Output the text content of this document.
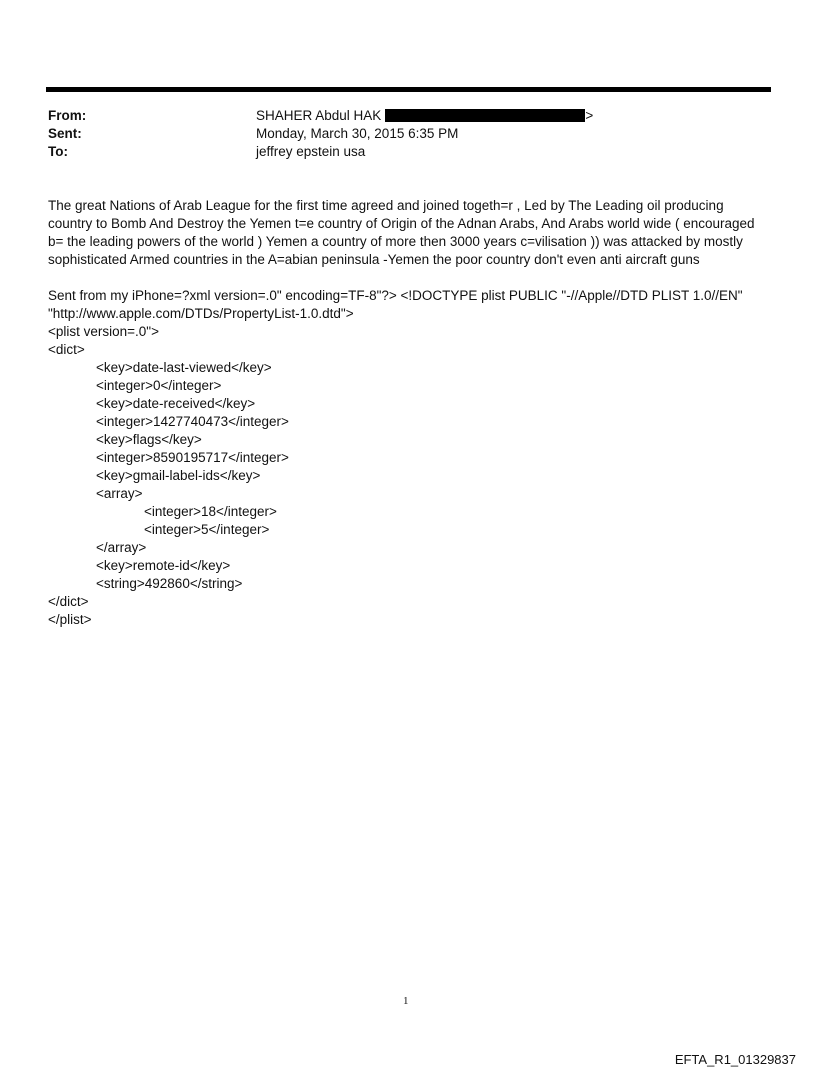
From:	SHAHER Abdul HAK	>
Sent:	Monday, March 30, 2015 6:35 PM
To:	jeffrey epstein usa
The great Nations of Arab League for the first time agreed and joined togeth=r , Led by The Leading oil producing
country to Bomb And Destroy the Yemen t=e country of Origin of the Adnan Arabs, And Arabs world wide ( encouraged
b= the leading powers of the world ) Yemen a country of more then 3000 years c=vilisation )) was attacked by mostly
sophisticated Armed countries in the A=abian peninsula -Yemen the poor country don't even anti aircraft guns
Sent from my iPhone=?xml version=.0" encoding=TF-8"?> <!DOCTYPE plist PUBLIC "-//Apple//DTD PLIST 1.0//EN"
"http://www.apple.com/DTDs/PropertyList-1.0.dtd">
<plist version=.0">
<dict>
<key>date-last-viewed</key>
<integer>0</integer>
<key>date-received</key>
<integer>1427740473</integer>
<key>flags</key>
<integer>8590195717</integer>
<key>gmail-label-ids</key>
<array>
<integer>18</integer>
<integer>5</integer>
</array>
<key>remote-id</key>
<string>492860</string>
</dict>
</plist>
1
EFTA_R1_01329837
